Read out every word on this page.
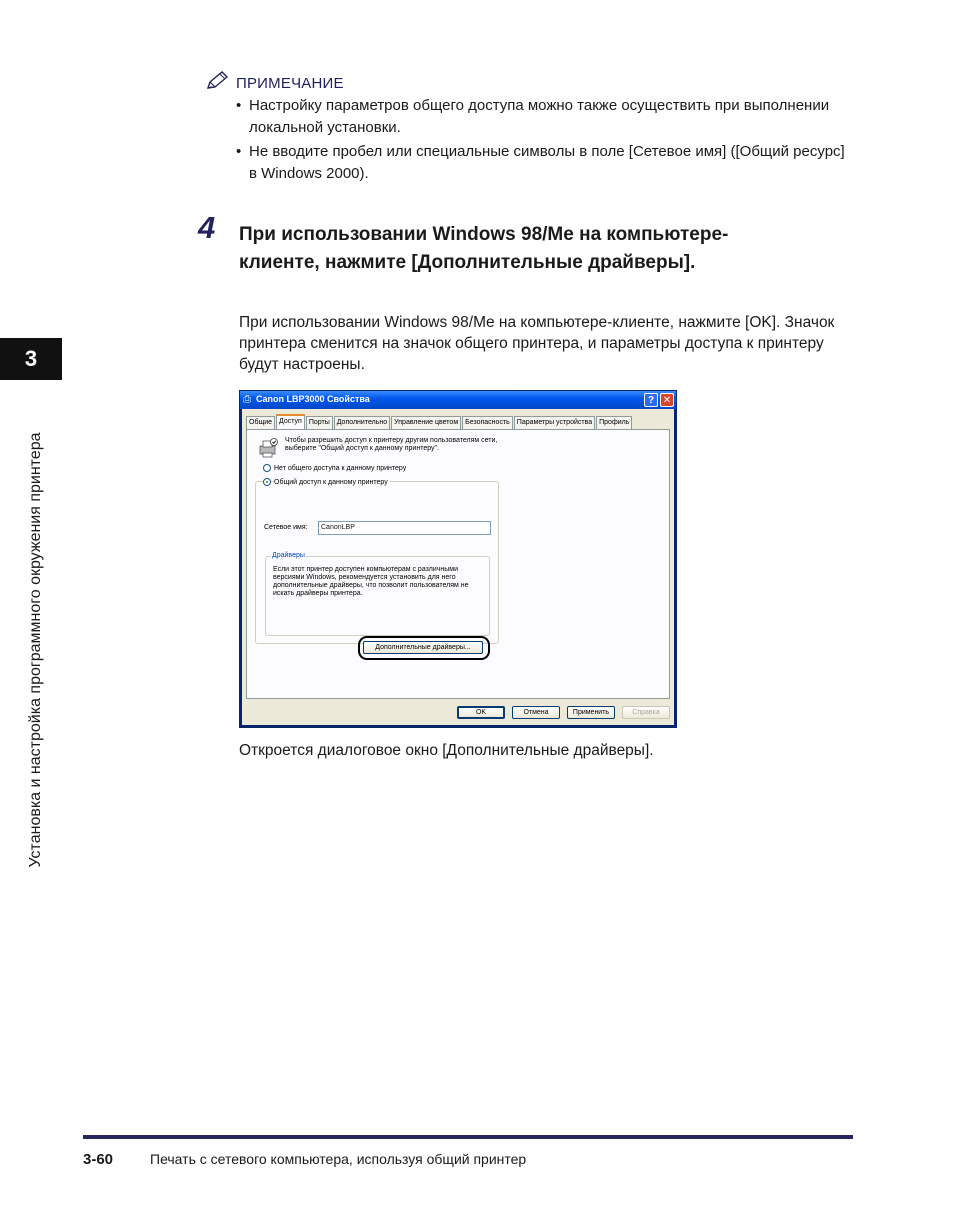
ПРИМЕЧАНИЕ
• Настройку параметров общего доступа можно также осуществить при выполнении локальной установки.
• Не вводите пробел или специальные символы в поле [Сетевое имя] ([Общий ресурс] в Windows 2000).
4 При использовании Windows 98/Me на компьютере-клиенте, нажмите [Дополнительные драйверы].
При использовании Windows 98/Me на компьютере-клиенте, нажмите [OK]. Значок принтера сменится на значок общего принтера, и параметры доступа к принтеру будут настроены.
⎙ Canon LBP3000 Свойства	? ✕
Общие	Доступ	Порты	Дополнительно	Управление цветом	Безопасность	Параметры устройства	Профиль
Чтобы разрешить доступ к принтеру другим пользователям сети, выберите "Общий доступ к данному принтеру".
Нет общего доступа к данному принтеру
Общий доступ к данному принтеру
Сетевое имя:	CanonLBP
Драйверы
Если этот принтер доступен компьютерам с различными версиями Windows, рекомендуется установить для него дополнительные драйверы, что позволит пользователям не искать драйверы принтера.
Дополнительные драйверы...
OK	Отмена	Применить	Справка
Откроется диалоговое окно [Дополнительные драйверы].
3
Установка и настройка программного окружения принтера
3-60	Печать с сетевого компьютера, используя общий принтер
